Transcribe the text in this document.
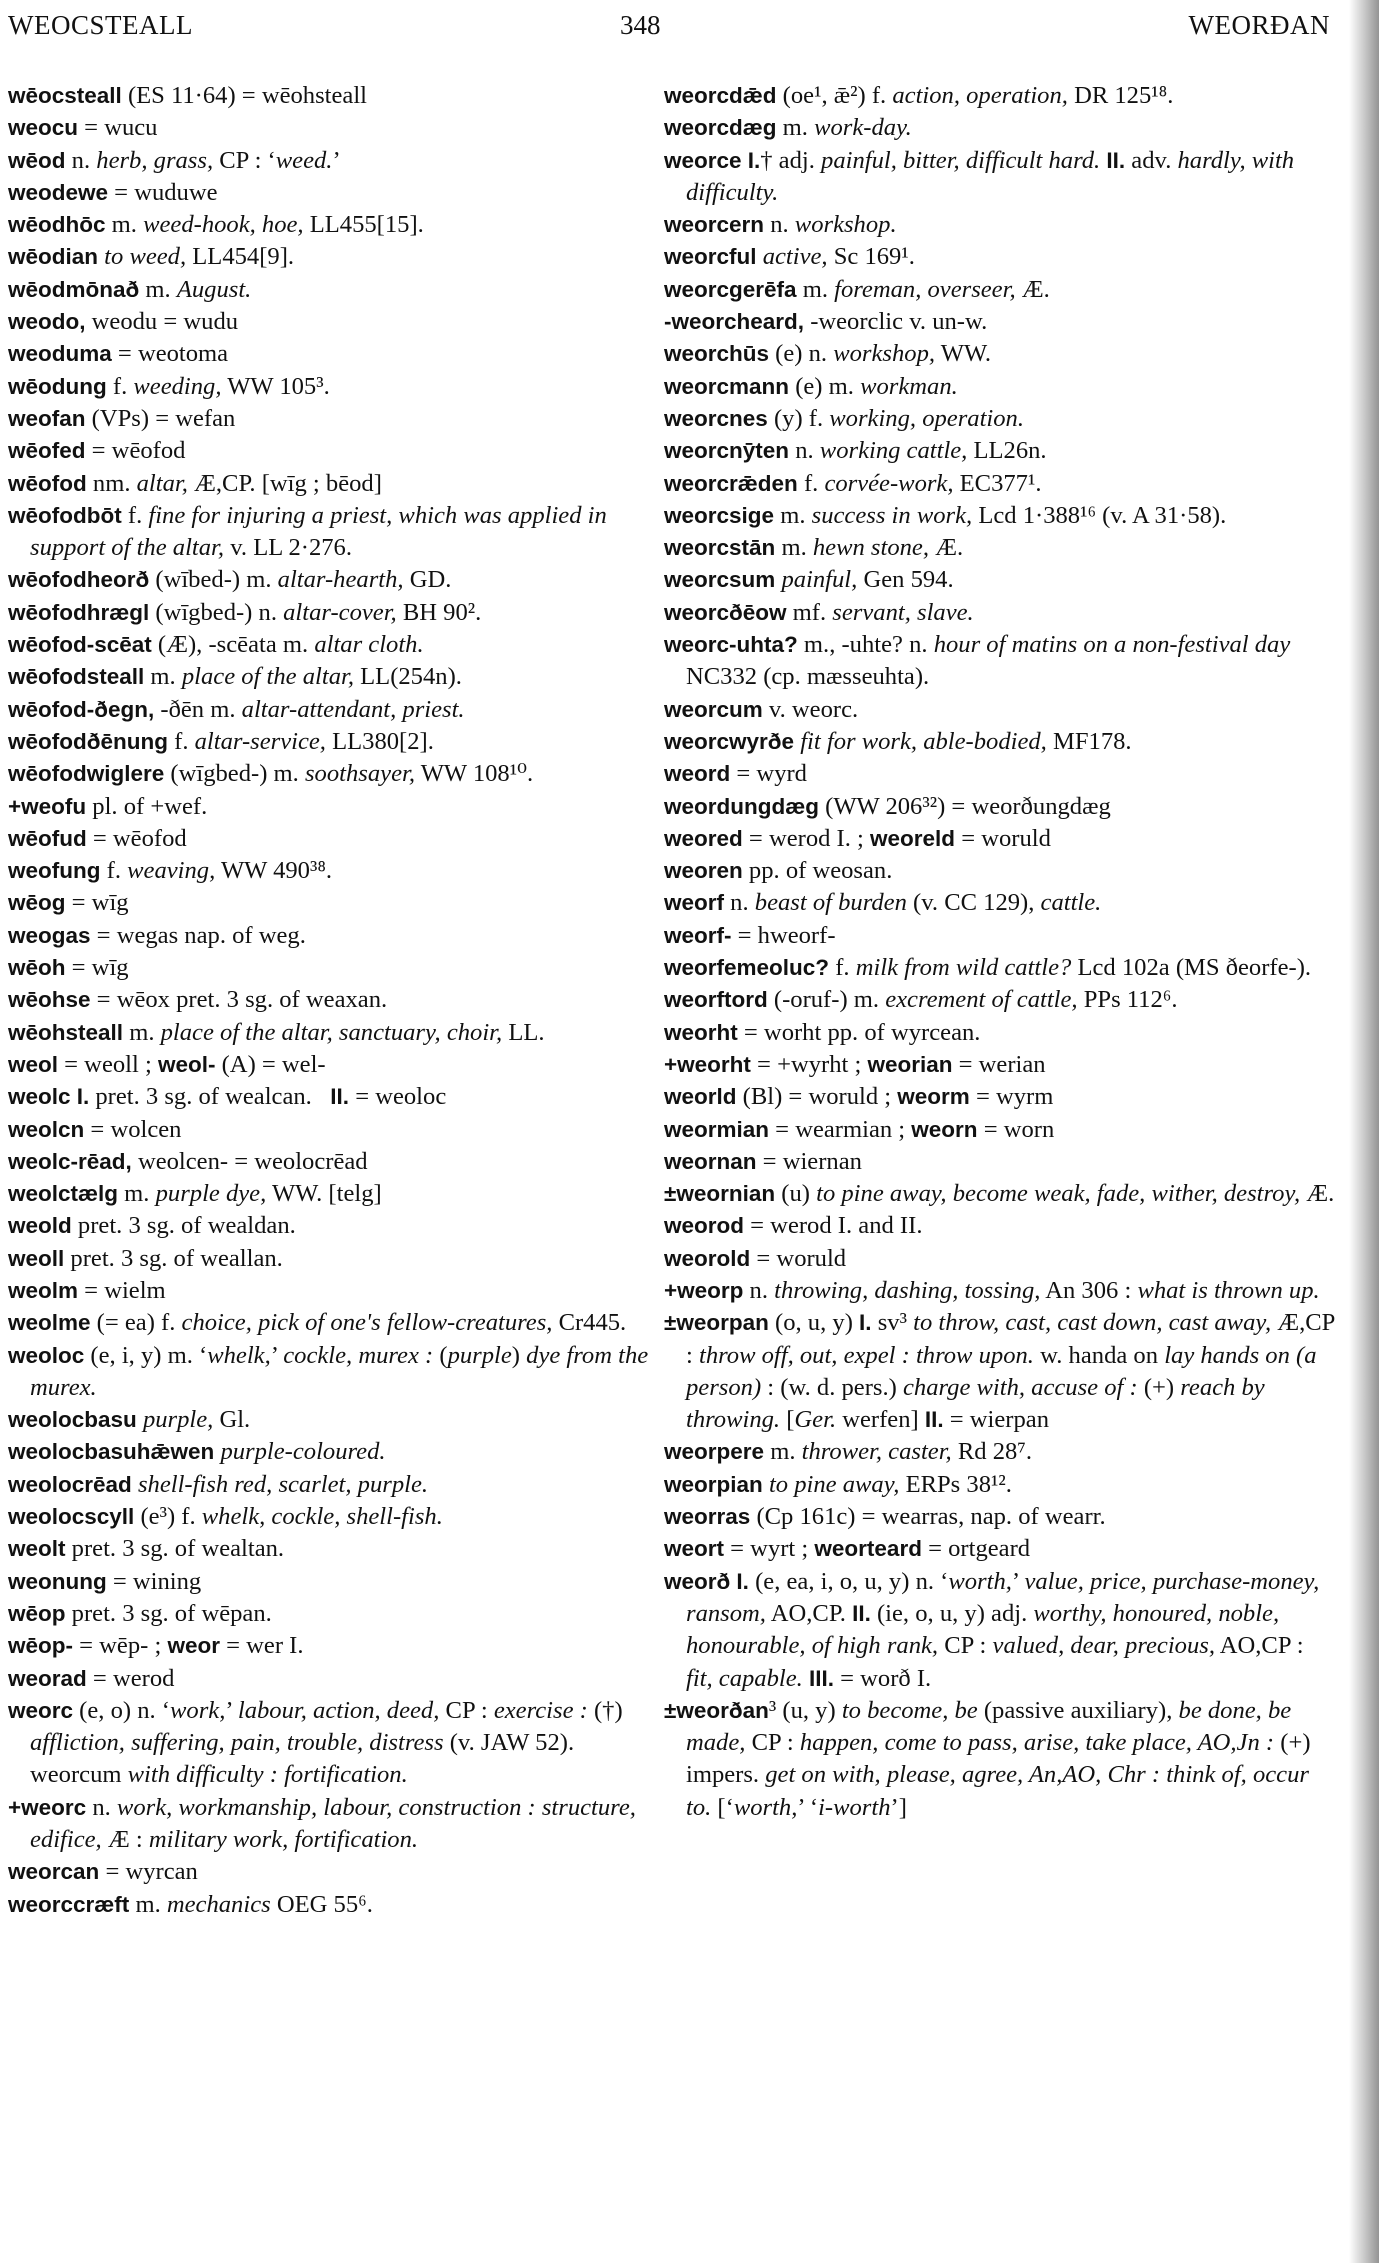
WEOCSTEALL	348	WEORÐAN

wēocsteall (ES 11·64) = wēohsteall

weocu = wucu

wēod n. herb, grass, CP : ‘weed.’

weodewe = wuduwe

wēodhōc m. weed-hook, hoe, LL455[15].

wēodian to weed, LL454[9].

wēodmōnað m. August.

weodo, weodu = wudu

weoduma = weotoma

wēodung f. weeding, WW 105³.

weofan (VPs) = wefan

wēofed = wēofod

wēofod nm. altar, Æ,CP. [wīg ; bēod]

wēofodbōt f. fine for injuring a priest, which was applied in support of the altar, v. LL 2·276.

wēofodheorð (wībed-) m. altar-hearth, GD.

wēofodhrægl (wīgbed-) n. altar-cover, BH 90².

wēofod-scēat (Æ), -scēata m. altar cloth.

wēofodsteall m. place of the altar, LL(254n).

wēofod-ðegn, -ðēn m. altar-attendant, priest.

wēofodðēnung f. altar-service, LL380[2].

wēofodwiglere (wīgbed-) m. soothsayer, WW 108¹⁰.

+weofu pl. of +wef.

wēofud = wēofod

weofung f. weaving, WW 490³⁸.

wēog = wīg

weogas = wegas nap. of weg.

wēoh = wīg

wēohse = wēox pret. 3 sg. of weaxan.

wēohsteall m. place of the altar, sanctuary, choir, LL.

weol = weoll ; weol- (A) = wel-

weolc I. pret. 3 sg. of wealcan.   II. = weoloc

weolcn = wolcen

weolc-rēad, weolcen- = weolocrēad

weolctælg m. purple dye, WW. [telg]

weold pret. 3 sg. of wealdan.

weoll pret. 3 sg. of weallan.

weolm = wielm

weolme (= ea) f. choice, pick of one's fellow-creatures, Cr445.

weoloc (e, i, y) m. ‘whelk,’ cockle, murex : (purple) dye from the murex.

weolocbasu purple, Gl.

weolocbasuhǣwen purple-coloured.

weolocrēad shell-fish red, scarlet, purple.

weolocscyll (e³) f. whelk, cockle, shell-fish.

weolt pret. 3 sg. of wealtan.

weonung = wining

wēop pret. 3 sg. of wēpan.

wēop- = wēp- ; weor = wer I.

weorad = werod

weorc (e, o) n. ‘work,’ labour, action, deed, CP : exercise : (†) affliction, suffering, pain, trouble, distress (v. JAW 52). weorcum with difficulty : fortification.

+weorc n. work, workmanship, labour, construction : structure, edifice, Æ : military work, fortification.

weorcan = wyrcan

weorccræft m. mechanics OEG 55⁶.

weorcdǣd (oe¹, ǣ²) f. action, operation, DR 125¹⁸.

weorcdæg m. work-day.

weorce I.† adj. painful, bitter, difficult hard. II. adv. hardly, with difficulty.

weorcern n. workshop.

weorcful active, Sc 169¹.

weorcgerēfa m. foreman, overseer, Æ.

-weorcheard, -weorclic v. un-w.

weorchūs (e) n. workshop, WW.

weorcmann (e) m. workman.

weorcnes (y) f. working, operation.

weorcnȳten n. working cattle, LL26n.

weorcrǣden f. corvée-work, EC377¹.

weorcsige m. success in work, Lcd 1·388¹⁶ (v. A 31·58).

weorcstān m. hewn stone, Æ.

weorcsum painful, Gen 594.

weorcðēow mf. servant, slave.

weorc-uhta? m., -uhte? n. hour of matins on a non-festival day NC332 (cp. mæsseuhta).

weorcum v. weorc.

weorcwyrðe fit for work, able-bodied, MF178.

weord = wyrd

weordungdæg (WW 206³²) = weorðungdæg

weored = werod I. ; weoreld = woruld

weoren pp. of weosan.

weorf n. beast of burden (v. CC 129), cattle.

weorf- = hweorf-

weorfemeoluc? f. milk from wild cattle? Lcd 102a (MS ðeorfe-).

weorftord (-oruf-) m. excrement of cattle, PPs 112⁶.

weorht = worht pp. of wyrcean.

+weorht = +wyrht ; weorian = werian

weorld (Bl) = woruld ; weorm = wyrm

weormian = wearmian ; weorn = worn

weornan = wiernan

±weornian (u) to pine away, become weak, fade, wither, destroy, Æ.

weorod = werod I. and II.

weorold = woruld

+weorp n. throwing, dashing, tossing, An 306 : what is thrown up.

±weorpan (o, u, y) I. sv³ to throw, cast, cast down, cast away, Æ,CP : throw off, out, expel : throw upon. w. handa on lay hands on (a person) : (w. d. pers.) charge with, accuse of : (+) reach by throwing. [Ger. werfen] II. = wierpan

weorpere m. thrower, caster, Rd 28⁷.

weorpian to pine away, ERPs 38¹².

weorras (Cp 161c) = wearras, nap. of wearr.

weort = wyrt ; weorteard = ortgeard

weorð I. (e, ea, i, o, u, y) n. ‘worth,’ value, price, purchase-money, ransom, AO,CP. II. (ie, o, u, y) adj. worthy, honoured, noble, honourable, of high rank, CP : valued, dear, precious, AO,CP : fit, capable. III. = worð I.

±weorðan³ (u, y) to become, be (passive auxiliary), be done, be made, CP : happen, come to pass, arise, take place, AO,Jn : (+) impers. get on with, please, agree, An,AO, Chr : think of, occur to. [‘worth,’ ‘i-worth’]
